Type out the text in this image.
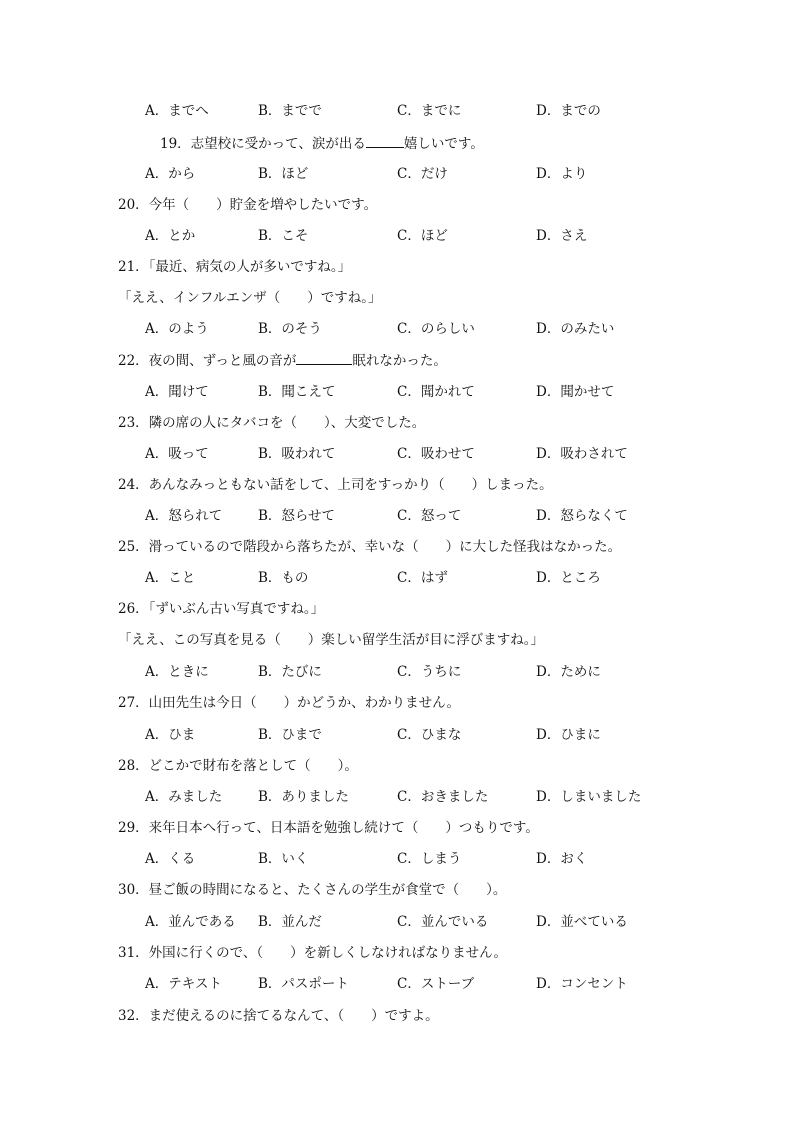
A．までへ	B．までで	C．までに	D．までの
19．志望校に受かって、涙が出る	嬉しいです。
A．から	B．ほど	C．だけ	D．より
20．今年（　　）貯金を増やしたいです。
A．とか	B．こそ	C．ほど	D．さえ
21．「最近、病気の人が多いですね。」
「ええ、インフルエンザ（　　）ですね。」
A．のよう	B．のそう	C．のらしい	D．のみたい
22．夜の間、ずっと風の音が	眠れなかった。
A．聞けて	B．聞こえて	C．聞かれて	D．聞かせて
23．隣の席の人にタバコを（　　）、大変でした。
A．吸って	B．吸われて	C．吸わせて	D．吸わされて
24．あんなみっともない話をして、上司をすっかり（　　）しまった。
A．怒られて	B．怒らせて	C．怒って	D．怒らなくて
25．滑っているので階段から落ちたが、幸いな（　　）に大した怪我はなかった。
A．こと	B．もの	C．はず	D．ところ
26．「ずいぶん古い写真ですね。」
「ええ、この写真を見る（　　）楽しい留学生活が目に浮びますね。」
A．ときに	B．たびに	C．うちに	D．ために
27．山田先生は今日（　　）かどうか、わかりません。
A．ひま	B．ひまで	C．ひまな	D．ひまに
28．どこかで財布を落として（　　）。
A．みました	B．ありました	C．おきました	D．しまいました
29．来年日本へ行って、日本語を勉強し続けて（　　）つもりです。
A．くる	B．いく	C．しまう	D．おく
30．昼ご飯の時間になると、たくさんの学生が食堂で（　　）。
A．並んである B．並んだ	C．並んでいる	D．並べている
31．外国に行くので、（　　）を新しくしなければなりません。
A．テキスト	B．パスポート	C．ストーブ	D．コンセント
32．まだ使えるのに捨てるなんて、（　　）ですよ。
